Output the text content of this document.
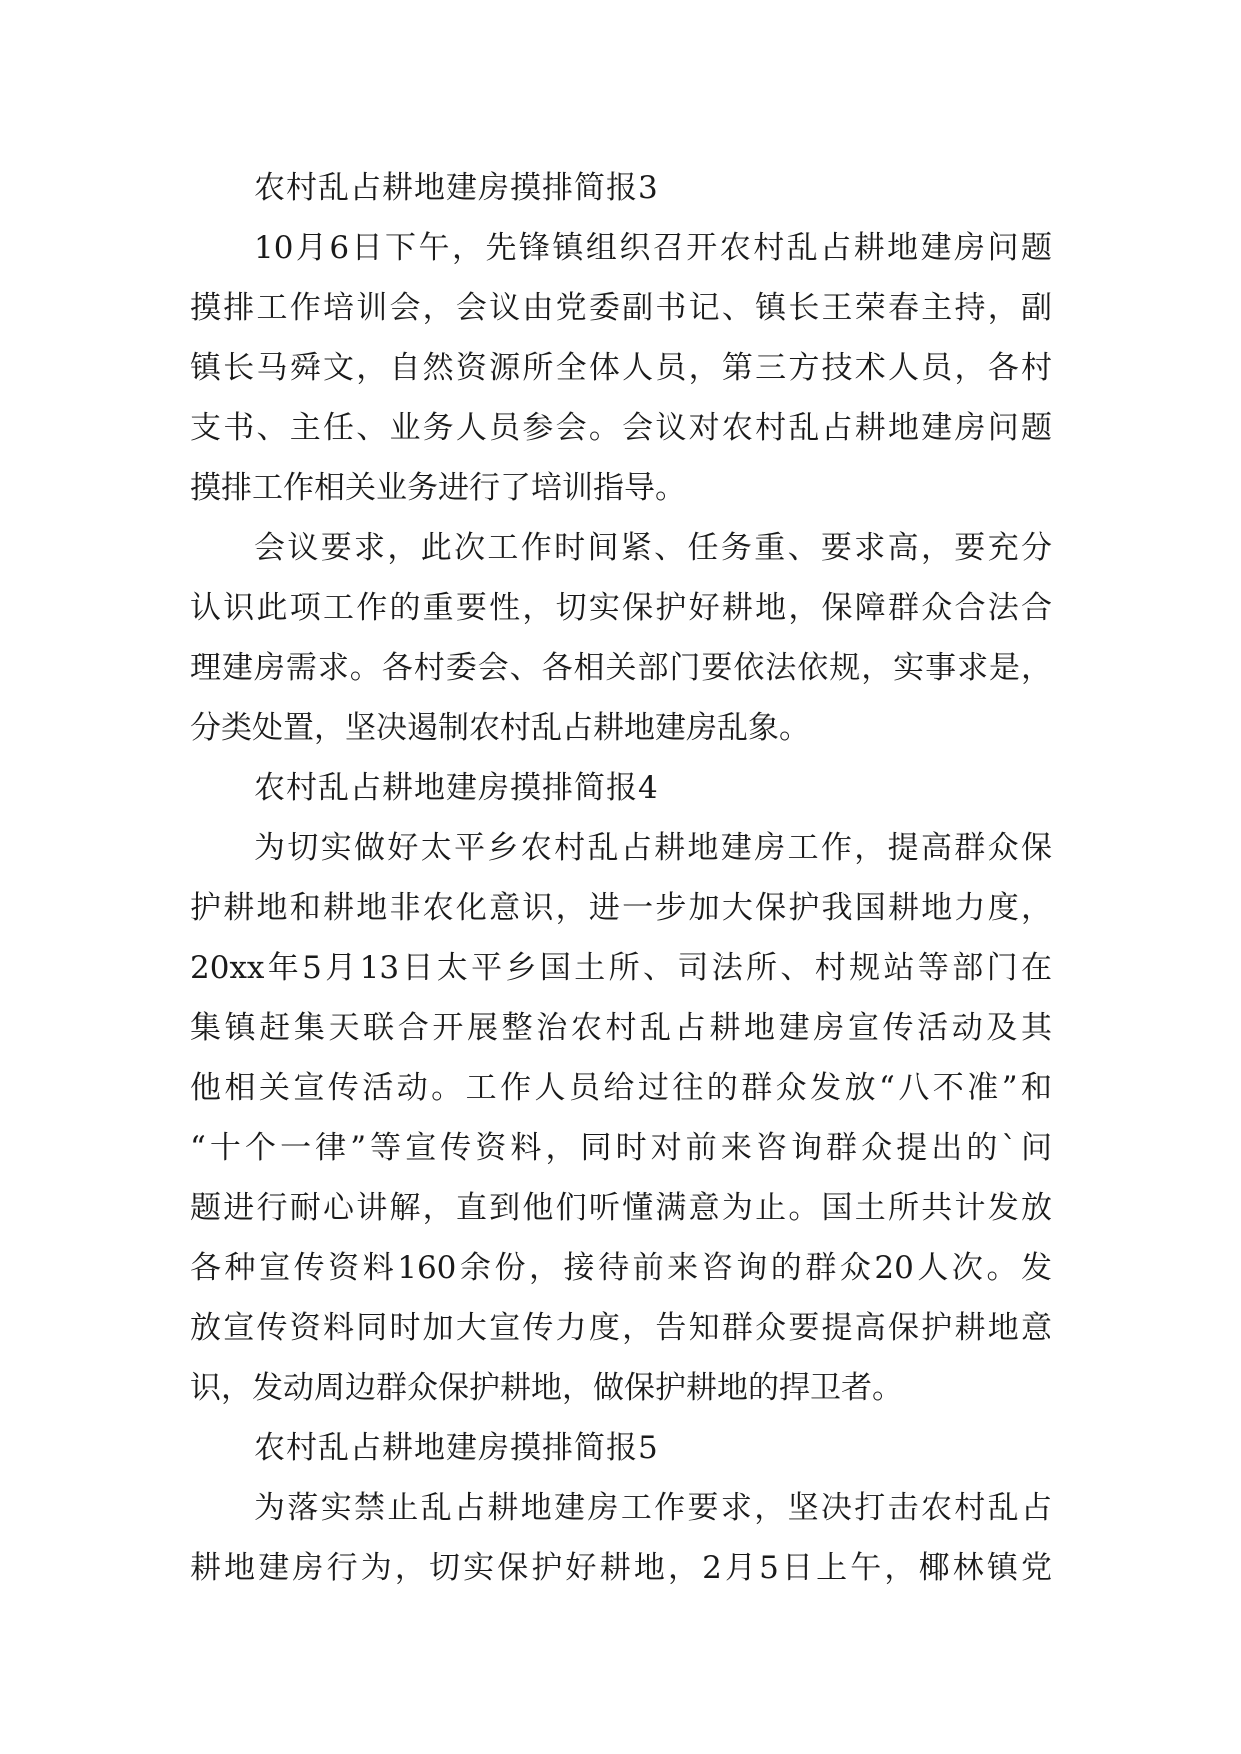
农村乱占耕地建房摸排简报3
10月6日下午，先锋镇组织召开农村乱占耕地建房问题
摸排工作培训会，会议由党委副书记、镇长王荣春主持，副
镇长马舜文，自然资源所全体人员，第三方技术人员，各村
支书、主任、业务人员参会。会议对农村乱占耕地建房问题
摸排工作相关业务进行了培训指导。
会议要求，此次工作时间紧、任务重、要求高，要充分
认识此项工作的重要性，切实保护好耕地，保障群众合法合
理建房需求。各村委会、各相关部门要依法依规，实事求是，
分类处置，坚决遏制农村乱占耕地建房乱象。
农村乱占耕地建房摸排简报4
为切实做好太平乡农村乱占耕地建房工作，提高群众保
护耕地和耕地非农化意识，进一步加大保护我国耕地力度，
20xx年5月13日太平乡国土所、司法所、村规站等部门在
集镇赶集天联合开展整治农村乱占耕地建房宣传活动及其
他相关宣传活动。工作人员给过往的群众发放“八不准”和
“十个一律”等宣传资料，同时对前来咨询群众提出的`问
题进行耐心讲解，直到他们听懂满意为止。国土所共计发放
各种宣传资料160余份，接待前来咨询的群众20人次。发
放宣传资料同时加大宣传力度，告知群众要提高保护耕地意
识，发动周边群众保护耕地，做保护耕地的捍卫者。
农村乱占耕地建房摸排简报5
为落实禁止乱占耕地建房工作要求，坚决打击农村乱占
耕地建房行为，切实保护好耕地，2月5日上午，椰林镇党
